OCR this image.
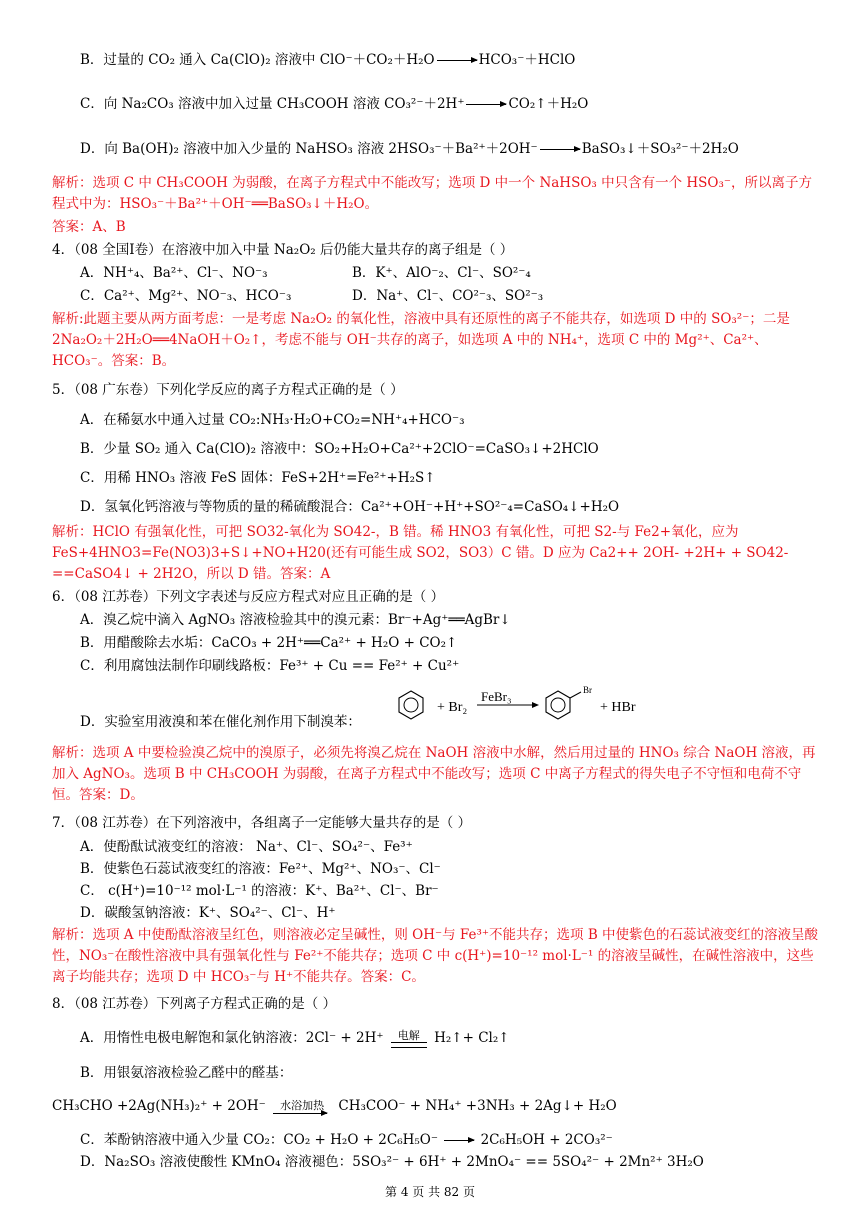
B．过量的 CO₂ 通入 Ca(ClO)₂ 溶液中 ClO⁻＋CO₂＋H₂O → HCO₃⁻＋HClO
C．向 Na₂CO₃ 溶液中加入过量 CH₃COOH 溶液 CO₃²⁻＋2H⁺ → CO₂↑＋H₂O
D．向 Ba(OH)₂ 溶液中加入少量的 NaHSO₃ 溶液 2HSO₃⁻＋Ba²⁺＋2OH⁻ → BaSO₃↓＋SO₃²⁻＋2H₂O
解析：选项 C 中 CH₃COOH 为弱酸，在离子方程式中不能改写；选项 D 中一个 NaHSO₃ 中只含有一个 HSO₃⁻，所以离子方程式中为：HSO₃⁻＋Ba²⁺＋OH⁻══BaSO₃↓＋H₂O。
答案：A、B
4．（08 全国Ⅰ卷）在溶液中加入中量 Na₂O₂ 后仍能大量共存的离子组是（ ）
A．NH⁺₄、Ba²⁺、Cl⁻、NO⁻₃	B．K⁺、AlO⁻₂、Cl⁻、SO²⁻₄
C．Ca²⁺、Mg²⁺、NO⁻₃、HCO⁻₃	D．Na⁺、Cl⁻、CO²⁻₃、SO²⁻₃
解析:此题主要从两方面考虑：一是考虑 Na₂O₂ 的氧化性，溶液中具有还原性的离子不能共存，如选项 D 中的 SO₃²⁻；二是 2Na₂O₂＋2H₂O══4NaOH＋O₂↑，考虑不能与 OH⁻共存的离子，如选项 A 中的 NH₄⁺，选项 C 中的 Mg²⁺、Ca²⁺、HCO₃⁻。答案：B。
5．（08 广东卷）下列化学反应的离子方程式正确的是（ ）
A．在稀氨水中通入过量 CO₂:NH₃·H₂O+CO₂=NH⁺₄+HCO⁻₃
B．少量 SO₂ 通入 Ca(ClO)₂ 溶液中：SO₂+H₂O+Ca²⁺+2ClO⁻=CaSO₃↓+2HClO
C．用稀 HNO₃ 溶液 FeS 固体：FeS+2H⁺=Fe²⁺+H₂S↑
D．氢氧化钙溶液与等物质的量的稀硫酸混合：Ca²⁺+OH⁻+H⁺+SO²⁻₄=CaSO₄↓+H₂O
解析：HClO 有强氧化性，可把 SO32-氧化为 SO42-，B 错。稀 HNO3 有氧化性，可把 S2-与 Fe2+氧化，应为 FeS+4HNO3=Fe(NO3)3+S↓+NO+H20(还有可能生成 SO2，SO3）C 错。D 应为 Ca2++ 2OH- +2H+ + SO42- ==CaSO4↓ + 2H2O，所以 D 错。答案：A
6．（08 江苏卷）下列文字表述与反应方程式对应且正确的是（ ）
A．溴乙烷中滴入 AgNO₃ 溶液检验其中的溴元素：Br⁻+Ag⁺══AgBr↓
B．用醋酸除去水垢：CaCO₃ + 2H⁺══Ca²⁺ + H₂O + CO₂↑
C．利用腐蚀法制作印刷线路板：Fe³⁺ + Cu == Fe²⁺ + Cu²⁺
D．实验室用液溴和苯在催化剂作用下制溴苯：
+ Br₂
FeBr₃	Br
+ HBr
解析：选项 A 中要检验溴乙烷中的溴原子，必须先将溴乙烷在 NaOH 溶液中水解，然后用过量的 HNO₃ 综合 NaOH 溶液，再加入 AgNO₃。选项 B 中 CH₃COOH 为弱酸，在离子方程式中不能改写；选项 C 中离子方程式的得失电子不守恒和电荷不守恒。答案：D。
7．（08 江苏卷）在下列溶液中，各组离子一定能够大量共存的是（ ）
A．使酚酞试液变红的溶液： Na⁺、Cl⁻、SO₄²⁻、Fe³⁺
B．使紫色石蕊试液变红的溶液：Fe²⁺、Mg²⁺、NO₃⁻、Cl⁻
C． c(H⁺)=10⁻¹² mol·L⁻¹ 的溶液：K⁺、Ba²⁺、Cl⁻、Br⁻
D．碳酸氢钠溶液：K⁺、SO₄²⁻、Cl⁻、H⁺
解析：选项 A 中使酚酞溶液呈红色，则溶液必定呈碱性，则 OH⁻与 Fe³⁺不能共存；选项 B 中使紫色的石蕊试液变红的溶液呈酸性，NO₃⁻在酸性溶液中具有强氧化性与 Fe²⁺不能共存；选项 C 中 c(H⁺)=10⁻¹² mol·L⁻¹ 的溶液呈碱性，在碱性溶液中，这些离子均能共存；选项 D 中 HCO₃⁻与 H⁺不能共存。答案：C。
8．（08 江苏卷）下列离子方程式正确的是（ ）
A．用惰性电极电解饱和氯化钠溶液：2Cl⁻ + 2H⁺	电解	H₂↑+ Cl₂↑
B．用银氨溶液检验乙醛中的醛基：
CH₃CHO +2Ag(NH₃)₂⁺ + 2OH⁻	水浴加热	CH₃COO⁻ + NH₄⁺ +3NH₃ + 2Ag↓+ H₂O
C．苯酚钠溶液中通入少量 CO₂：CO₂ + H₂O + 2C₆H₅O⁻ → 2C₆H₅OH + 2CO₃²⁻
D．Na₂SO₃ 溶液使酸性 KMnO₄ 溶液褪色：5SO₃²⁻ + 6H⁺ + 2MnO₄⁻ == 5SO₄²⁻ + 2Mn²⁺ 3H₂O
第 4 页 共 82 页
